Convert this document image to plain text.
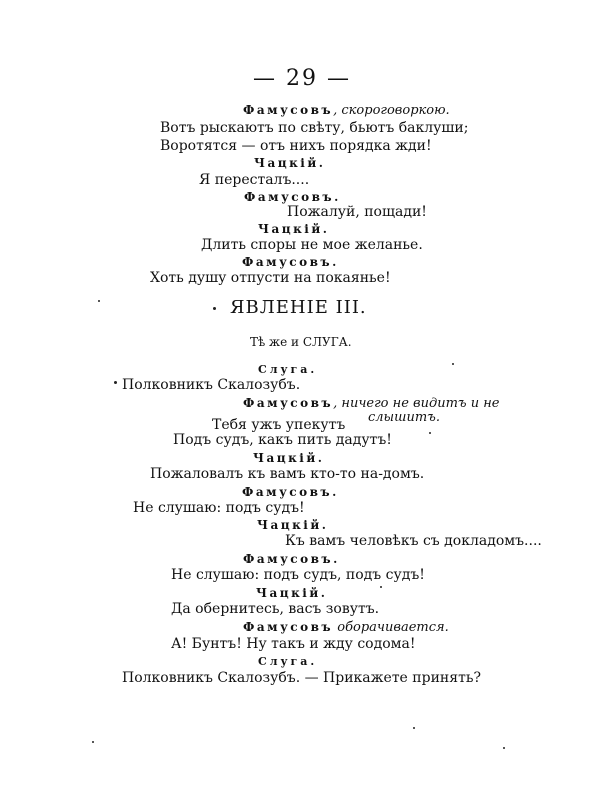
— 29 —
Фамусовъ, скороговоркою.
Вотъ рыскаютъ по свѣту, бьютъ баклуши;
Воротятся — отъ нихъ порядка жди!
Чацкій.
Я пересталъ....
Фамусовъ.
Пожалуй, пощади!
Чацкій.
Длить споры не мое желанье.
Фамусовъ.
Хоть душу отпусти на покаянье!
ЯВЛЕНІЕ III.
Тѣ же и СЛУГА.
Слуга.
Полковникъ Скалозубъ.
Фамусовъ, ничего не видитъ и не
слышитъ.
Тебя ужъ упекутъ
Подъ судъ, какъ пить дадутъ!
Чацкій.
Пожаловалъ къ вамъ кто-то на-домъ.
Фамусовъ.
Не слушаю: подъ судъ!
Чацкій.
Къ вамъ человѣкъ съ докладомъ....
Фамусовъ.
Не слушаю: подъ судъ, подъ судъ!
Чацкій.
Да обернитесь, васъ зовутъ.
Фамусовъ оборачивается.
А! Бунтъ! Ну такъ и жду содома!
Слуга.
Полковникъ Скалозубъ. — Прикажете принять?
